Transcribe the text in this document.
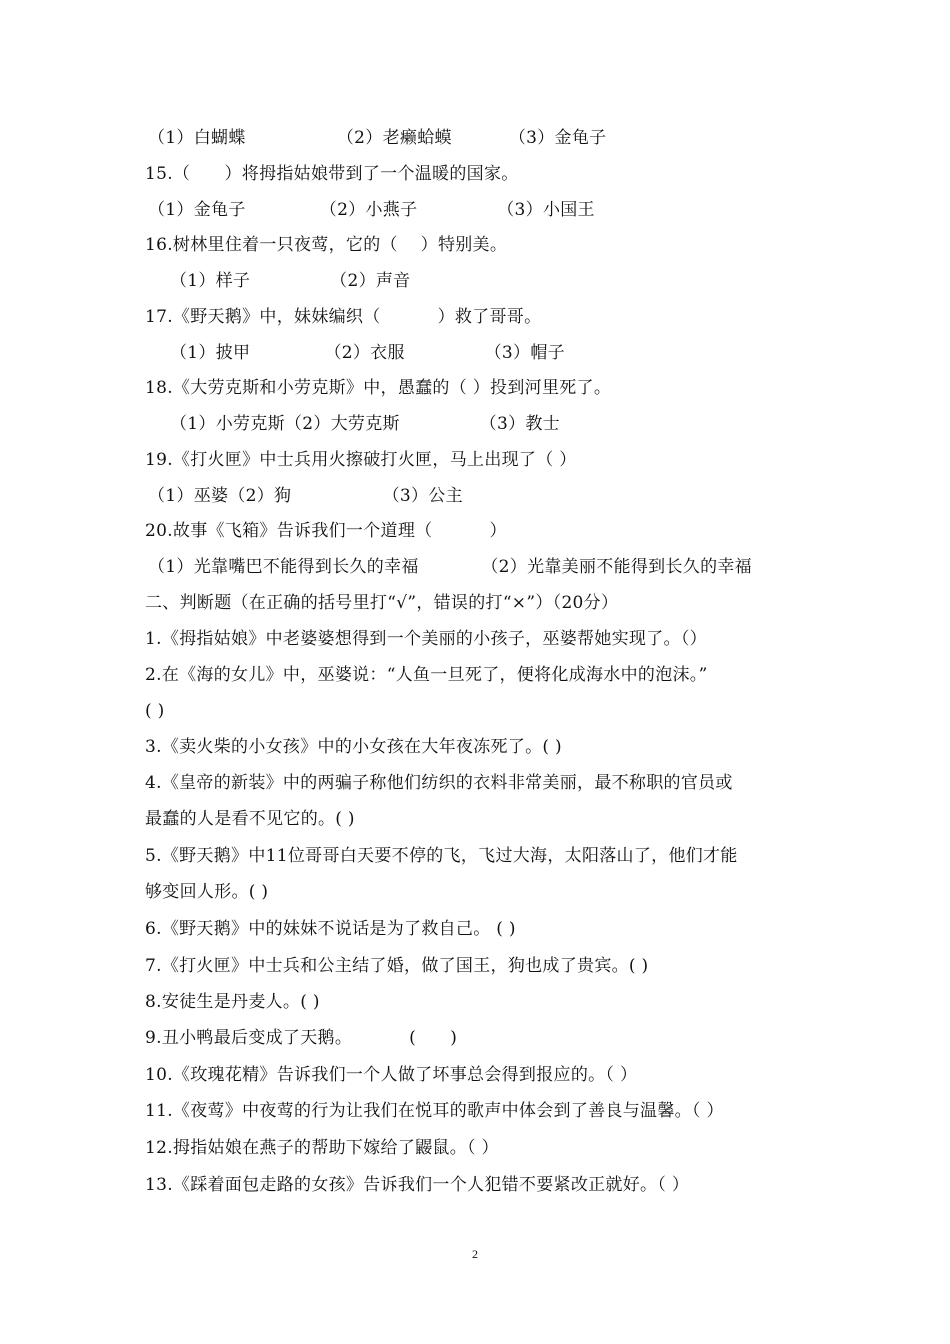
（1）白蝴蝶                （2）老癞蛤蟆          （3）金龟子
15.（      ）将拇指姑娘带到了一个温暖的国家。
（1）金龟子             （2）小燕子              （3）小国王
16.树林里住着一只夜莺，它的（    ）特别美。
（1）样子              （2）声音
17.《野天鹅》中，妹妹编织（          ）救了哥哥。
（1）披甲             （2）衣服              （3）帽子
18.《大劳克斯和小劳克斯》中，愚蠢的（ ）投到河里死了。
（1）小劳克斯（2）大劳克斯              （3）教士
19.《打火匣》中士兵用火擦破打火匣，马上出现了（ ）
（1）巫婆（2）狗                （3）公主
20.故事《飞箱》告诉我们一个道理（          ）
（1）光靠嘴巴不能得到长久的幸福           （2）光靠美丽不能得到长久的幸福
二、判断题（在正确的括号里打“√”，错误的打“×”）（20分）
1.《拇指姑娘》中老婆婆想得到一个美丽的小孩子，巫婆帮她实现了。（）
2.在《海的女儿》中，巫婆说：“人鱼一旦死了，便将化成海水中的泡沫。”
( )
3.《卖火柴的小女孩》中的小女孩在大年夜冻死了。( )
4.《皇帝的新装》中的两骗子称他们纺织的衣料非常美丽，最不称职的官员或
最蠢的人是看不见它的。( )
5.《野天鹅》中11位哥哥白天要不停的飞，飞过大海，太阳落山了，他们才能
够变回人形。( )
6.《野天鹅》中的妹妹不说话是为了救自己。 ( )
7.《打火匣》中士兵和公主结了婚，做了国王，狗也成了贵宾。( )
8.安徒生是丹麦人。( )
9.丑小鸭最后变成了天鹅。          (      )
10.《玫瑰花精》告诉我们一个人做了坏事总会得到报应的。（ ）
11.《夜莺》中夜莺的行为让我们在悦耳的歌声中体会到了善良与温馨。（ ）
12.拇指姑娘在燕子的帮助下嫁给了鼹鼠。（ ）
13.《踩着面包走路的女孩》告诉我们一个人犯错不要紧改正就好。（ ）
2
